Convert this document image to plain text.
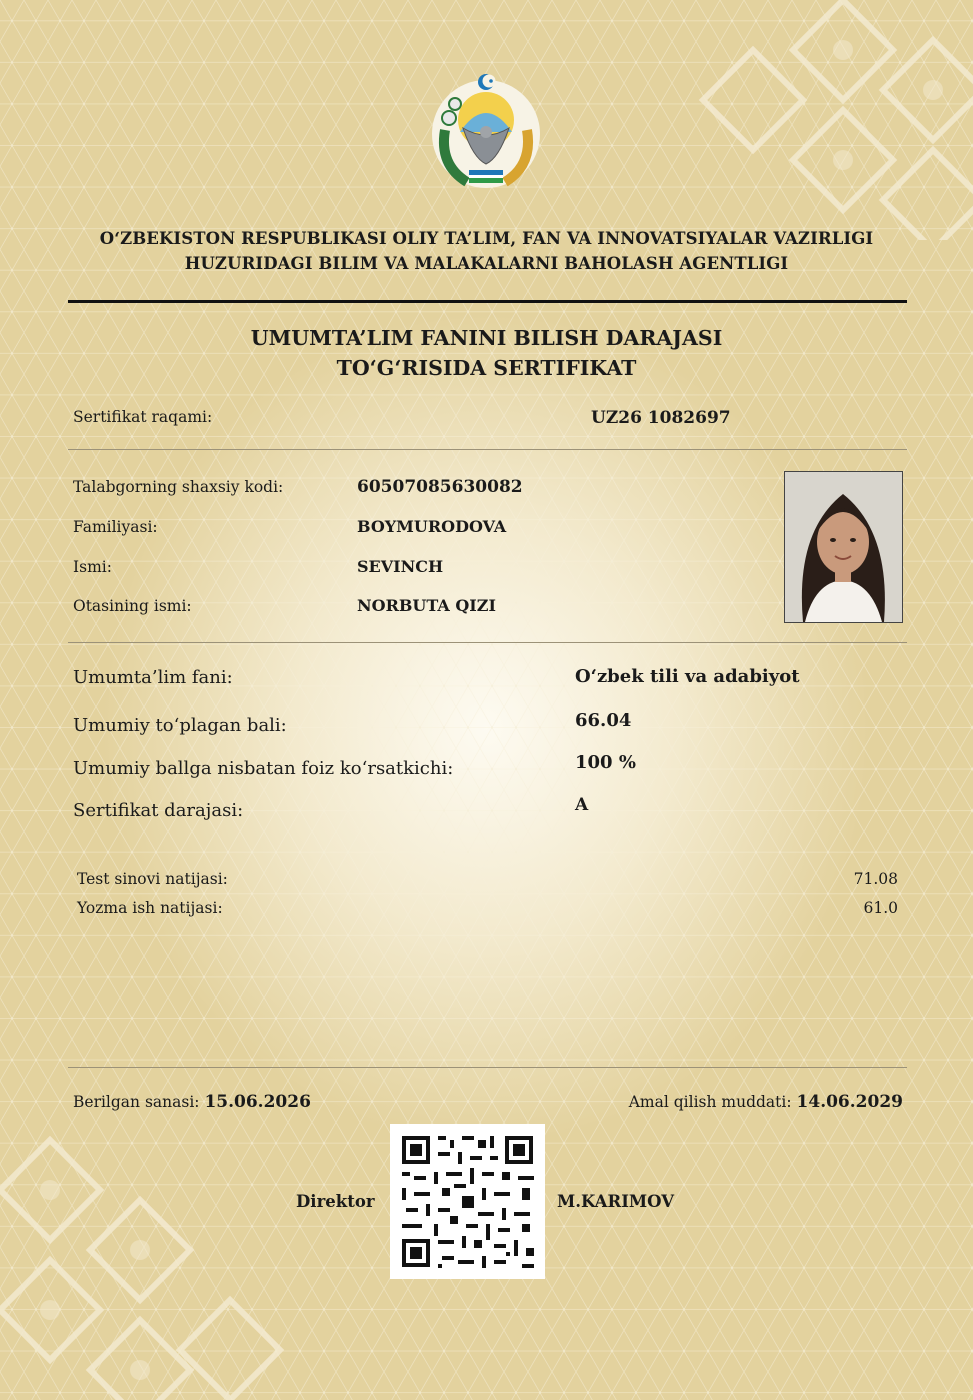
O‘ZBEKISTON RESPUBLIKASI OLIY TA’LIM, FAN VA INNOVATSIYALAR VAZIRLIGI
HUZURIDAGI BILIM VA MALAKALARNI BAHOLASH AGENTLIGI
UMUMTA’LIM FANINI BILISH DARAJASI
TO‘G‘RISIDA SERTIFIKAT
Sertifikat raqami:	UZ26 1082697
Talabgorning shaxsiy kodi:	60507085630082
Familiyasi:	BOYMURODOVA
Ismi:	SEVINCH
Otasining ismi:	NORBUTA QIZI
Umumta’lim fani:	O‘zbek tili va adabiyot
Umumiy to‘plagan bali:	66.04
Umumiy ballga nisbatan foiz ko‘rsatkichi:	100 %
Sertifikat darajasi:	A
Test sinovi natijasi:	71.08
Yozma ish natijasi:	61.0
Berilgan sanasi: 15.06.2026	Amal qilish muddati: 14.06.2029
Direktor	M.KARIMOV
